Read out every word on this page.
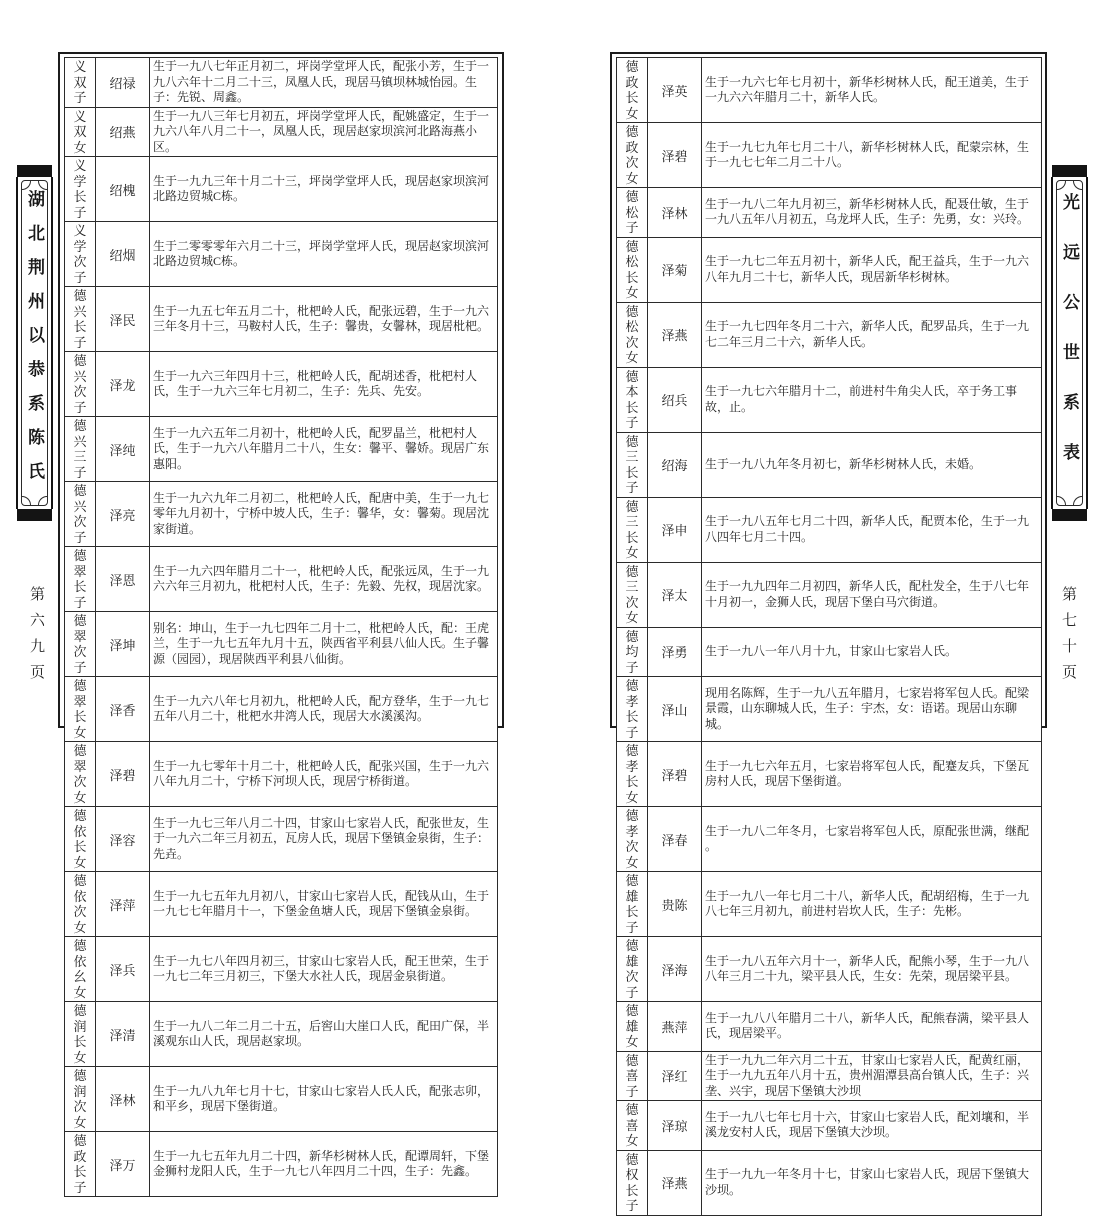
湖北荆州以恭系陈氏
第六九页
义双子	绍禄	生于一九八七年正月初二，坪岗学堂坪人氏，配张小芳，生于一九八六年十二月二十三，凤凰人氏，现居马镇坝林城怡园。生子：先锐、周鑫。
义双女	绍燕	生于一九八三年七月初五，坪岗学堂坪人氏，配姚盛定，生于一九六八年八月二十一，凤凰人氏，现居赵家坝滨河北路海燕小区。
义学长子	绍槐	生于一九九三年十月二十三，坪岗学堂坪人氏，现居赵家坝滨河北路边贸城C栋。
义学次子	绍烟	生于二零零零年六月二十三，坪岗学堂坪人氏，现居赵家坝滨河北路边贸城C栋。
德兴长子	泽民	生于一九五七年五月二十，枇杷岭人氏，配张远碧，生于一九六三年冬月十三，马鞍村人氏，生子：馨贵，女馨林，现居枇杷。
德兴次子	泽龙	生于一九六三年四月十三，枇杷岭人氏，配胡述香，枇杷村人氏，生于一九六三年七月初二，生子：先兵、先安。
德兴三子	泽纯	生于一九六五年二月初十，枇杷岭人氏，配罗晶兰，枇杷村人氏，生于一九六八年腊月二十八，生女：馨平、馨娇。现居广东惠阳。
德兴次子	泽亮	生于一九六九年二月初二，枇杷岭人氏，配唐中美，生于一九七零年九月初十，宁桥中坡人氏，生子：馨华，女：馨菊。现居沈家街道。
德翠长子	泽恩	生于一九六四年腊月二十一，枇杷岭人氏，配张远凤，生于一九六六年三月初九，枇杷村人氏，生子：先毅、先权，现居沈家。
德翠次子	泽坤	别名：坤山，生于一九七四年二月十二，枇杷岭人氏，配：王虎兰，生于一九七五年九月十五，陕西省平利县八仙人氏。生子馨源（园园），现居陕西平利县八仙街。
德翠长女	泽香	生于一九六八年七月初九，枇杷岭人氏，配方登华，生于一九七五年八月二十，枇杷水井湾人氏，现居大水溪溪沟。
德翠次女	泽碧	生于一九七零年十月二十，枇杷岭人氏，配张兴国，生于一九六八年九月二十，宁桥下河坝人氏，现居宁桥街道。
德依长女	泽容	生于一九七三年八月二十四，甘家山七家岩人氏，配张世友，生于一九六二年三月初五，瓦房人氏，现居下堡镇金泉街，生子：先垚。
德依次女	泽萍	生于一九七五年九月初八，甘家山七家岩人氏，配钱从山，生于一九七七年腊月十一，下堡金鱼塘人氏，现居下堡镇金泉街。
德依幺女	泽兵	生于一九七八年四月初三，甘家山七家岩人氏，配王世荣，生于一九七二年三月初三，下堡大水社人氏，现居金泉街道。
德润长女	泽清	生于一九八二年二月二十五，后窖山大崖口人氏，配田广保，半溪观东山人氏，现居赵家坝。
德润次女	泽林	生于一九八九年七月十七，甘家山七家岩人氏人氏，配张志卯，和平乡，现居下堡街道。
德政长子	泽万	生于一九七五年九月二十四，新华杉树林人氏，配谭周轩，下堡金狮村龙阳人氏，生于一九七八年四月二十四，生子：先鑫。
德政长女	泽英	生于一九六七年七月初十，新华杉树林人氏，配王道美，生于一九六六年腊月二十，新华人氏。
德政次女	泽碧	生于一九七九年七月二十八，新华杉树林人氏，配蒙宗林，生于一九七七年二月二十八。
德松子	泽林	生于一九八二年九月初三，新华杉树林人氏，配聂仕敏，生于一九八五年八月初五，乌龙坪人氏，生子：先勇，女：兴玲。
德松长女	泽菊	生于一九七二年五月初十，新华人氏，配王益兵，生于一九六八年九月二十七，新华人氏，现居新华杉树林。
德松次女	泽燕	生于一九七四年冬月二十六，新华人氏，配罗品兵，生于一九七二年三月二十六，新华人氏。
德本长子	绍兵	生于一九七六年腊月十二，前进村牛角尖人氏，卒于务工事故，止。
德三长子	绍海	生于一九八九年冬月初七，新华杉树林人氏，未婚。
德三长女	泽申	生于一九八五年七月二十四，新华人氏，配贾本伦，生于一九八四年七月二十四。
德三次女	泽太	生于一九九四年二月初四，新华人氏，配杜发全，生于八七年十月初一，金狮人氏，现居下堡白马穴街道。
德均子	泽勇	生于一九八一年八月十九，甘家山七家岩人氏。
德孝长子	泽山	现用名陈辉，生于一九八五年腊月，七家岩将军包人氏。配梁景霞，山东聊城人氏，生子：宇杰，女：语诺。现居山东聊城。
德孝长女	泽碧	生于一九七六年五月，七家岩将军包人氏，配蹇友兵，下堡瓦房村人氏，现居下堡街道。
德孝次女	泽春	生于一九八二年冬月，七家岩将军包人氏，原配张世满，继配　　　。
德雄长子	贵陈	生于一九八一年七月二十八，新华人氏，配胡绍梅，生于一九八七年三月初九，前进村岩坎人氏，生子：先彬。
德雄次子	泽海	生于一九八五年六月十一，新华人氏，配熊小琴，生于一九八八年三月二十九，梁平县人氏，生女：先荣，现居梁平县。
德雄女	燕萍	生于一九八八年腊月二十八，新华人氏，配熊春满，梁平县人氏，现居梁平。
德喜子	泽红	生于一九九二年六月二十五，甘家山七家岩人氏，配黄红丽，生于一九九五年八月十五，贵州湄潭县高台镇人氏，生子：兴垄、兴宇，现居下堡镇大沙坝
德喜女	泽琼	生于一九八七年七月十六，甘家山七家岩人氏，配刘壤和，半溪龙安村人氏，现居下堡镇大沙坝。
德权长子	泽燕	生于一九九一年冬月十七，甘家山七家岩人氏，现居下堡镇大沙坝。
光远公世系表
第七十页
